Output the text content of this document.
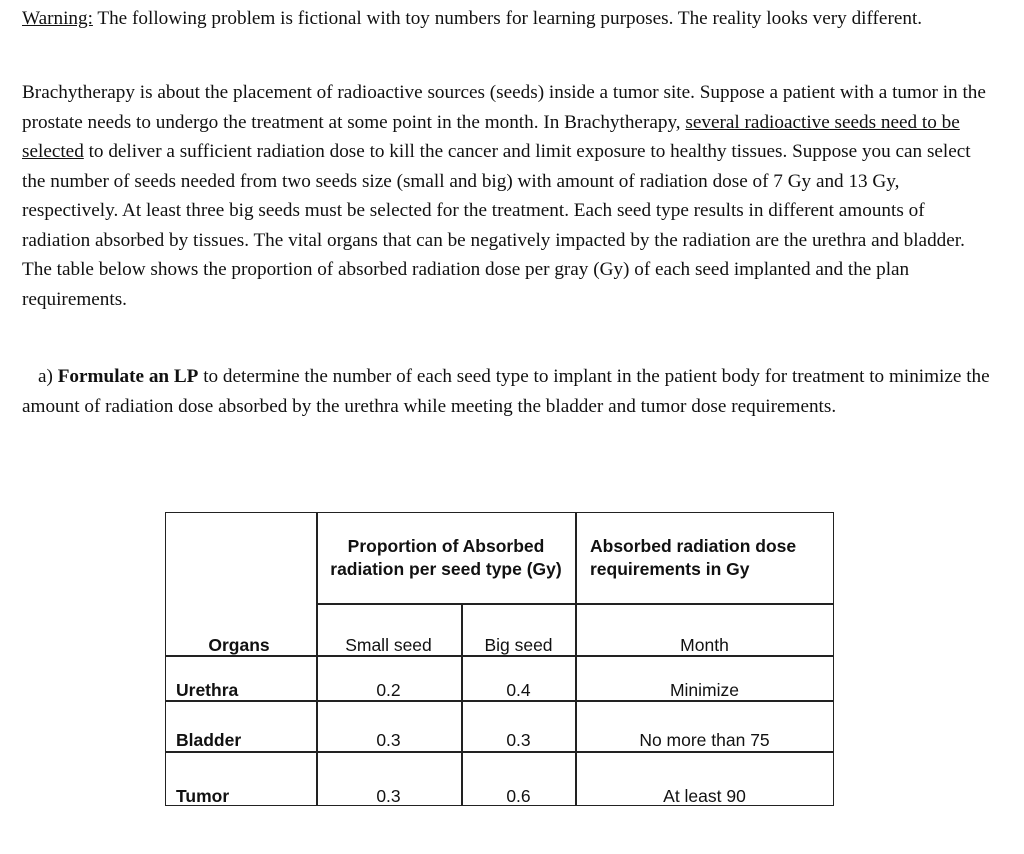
Warning: The following problem is fictional with toy numbers for learning purposes. The reality looks very different.

Brachytherapy is about the placement of radioactive sources (seeds) inside a tumor site. Suppose a patient with a tumor in the prostate needs to undergo the treatment at some point in the month. In Brachytherapy, several radioactive seeds need to be selected to deliver a sufficient radiation dose to kill the cancer and limit exposure to healthy tissues. Suppose you can select the number of seeds needed from two seeds size (small and big) with amount of radiation dose of 7 Gy and 13 Gy, respectively. At least three big seeds must be selected for the treatment. Each seed type results in different amounts of radiation absorbed by tissues. The vital organs that can be negatively impacted by the radiation are the urethra and bladder. The table below shows the proportion of absorbed radiation dose per gray (Gy) of each seed implanted and the plan requirements.

a) Formulate an LP to determine the number of each seed type to implant in the patient body for treatment to minimize the amount of radiation dose absorbed by the urethra while meeting the bladder and tumor dose requirements.

Proportion of Absorbed radiation per seed type (Gy)
Absorbed radiation dose requirements in Gy
Organs	Small seed	Big seed	Month
Urethra	0.2	0.4	Minimize
Bladder	0.3	0.3	No more than 75
Tumor	0.3	0.6	At least 90
